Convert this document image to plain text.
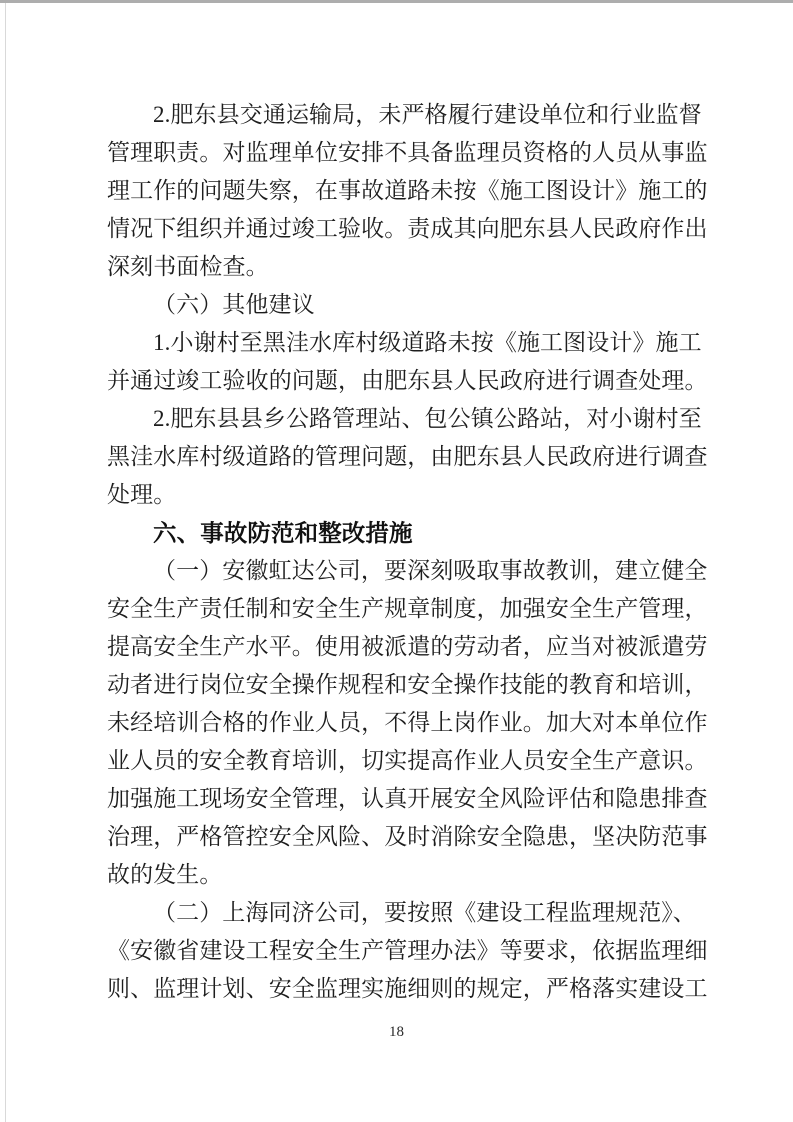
2.肥东县交通运输局，未严格履行建设单位和行业监督
管理职责。对监理单位安排不具备监理员资格的人员从事监
理工作的问题失察，在事故道路未按《施工图设计》施工的
情况下组织并通过竣工验收。责成其向肥东县人民政府作出
深刻书面检查。
（六）其他建议
1.小谢村至黑洼水库村级道路未按《施工图设计》施工
并通过竣工验收的问题，由肥东县人民政府进行调查处理。
2.肥东县县乡公路管理站、包公镇公路站，对小谢村至
黑洼水库村级道路的管理问题，由肥东县人民政府进行调查
处理。
六、事故防范和整改措施
（一）安徽虹达公司，要深刻吸取事故教训，建立健全
安全生产责任制和安全生产规章制度，加强安全生产管理，
提高安全生产水平。使用被派遣的劳动者，应当对被派遣劳
动者进行岗位安全操作规程和安全操作技能的教育和培训，
未经培训合格的作业人员，不得上岗作业。加大对本单位作
业人员的安全教育培训，切实提高作业人员安全生产意识。
加强施工现场安全管理，认真开展安全风险评估和隐患排查
治理，严格管控安全风险、及时消除安全隐患，坚决防范事
故的发生。
（二）上海同济公司，要按照《建设工程监理规范》、
《安徽省建设工程安全生产管理办法》等要求，依据监理细
则、监理计划、安全监理实施细则的规定，严格落实建设工
18
